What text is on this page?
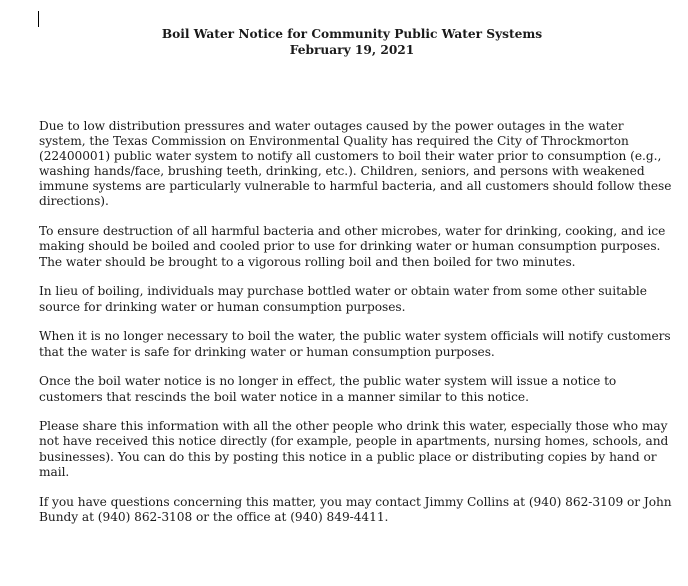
Boil Water Notice for Community Public Water Systems
February 19, 2021

Due to low distribution pressures and water outages caused by the power outages in the water system, the Texas Commission on Environmental Quality has required the City of Throckmorton (22400001) public water system to notify all customers to boil their water prior to consumption (e.g., washing hands/face, brushing teeth, drinking, etc.). Children, seniors, and persons with weakened immune systems are particularly vulnerable to harmful bacteria, and all customers should follow these directions).

To ensure destruction of all harmful bacteria and other microbes, water for drinking, cooking, and ice making should be boiled and cooled prior to use for drinking water or human consumption purposes. The water should be brought to a vigorous rolling boil and then boiled for two minutes.

In lieu of boiling, individuals may purchase bottled water or obtain water from some other suitable source for drinking water or human consumption purposes.

When it is no longer necessary to boil the water, the public water system officials will notify customers that the water is safe for drinking water or human consumption purposes.

Once the boil water notice is no longer in effect, the public water system will issue a notice to customers that rescinds the boil water notice in a manner similar to this notice.

Please share this information with all the other people who drink this water, especially those who may not have received this notice directly (for example, people in apartments, nursing homes, schools, and businesses). You can do this by posting this notice in a public place or distributing copies by hand or mail.

If you have questions concerning this matter, you may contact Jimmy Collins at (940) 862-3109 or John Bundy at (940) 862-3108 or the office at (940) 849-4411.
